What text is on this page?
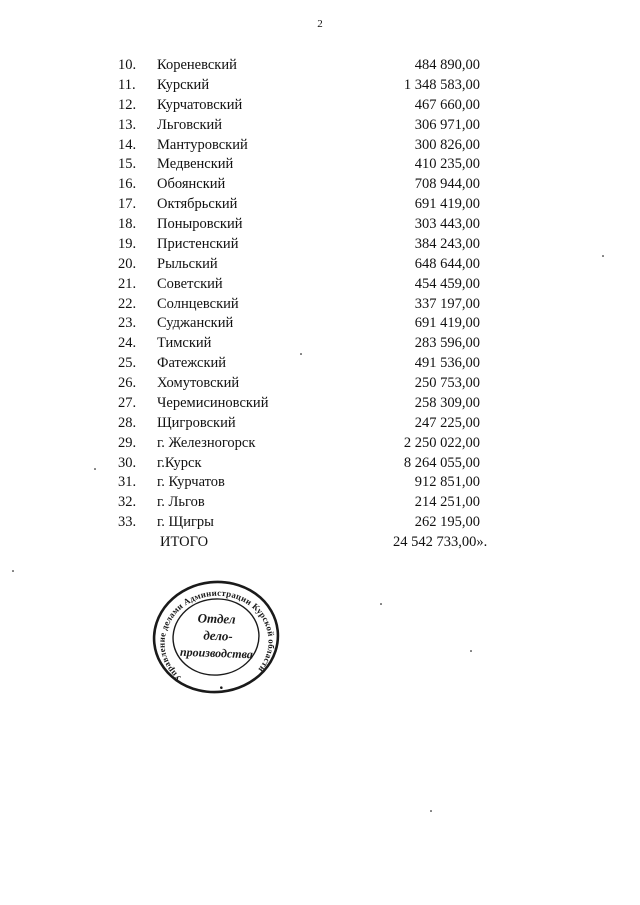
2
10. Кореневский	484 890,00
11. Курский	1 348 583,00
12. Курчатовский	467 660,00
13. Льговский	306 971,00
14. Мантуровский	300 826,00
15. Медвенский	410 235,00
16. Обоянский	708 944,00
17. Октябрьский	691 419,00
18. Поныровский	303 443,00
19. Пристенский	384 243,00
20. Рыльский	648 644,00
21. Советский	454 459,00
22. Солнцевский	337 197,00
23. Суджанский	691 419,00
24. Тимский	283 596,00
25. Фатежский	491 536,00
26. Хомутовский	250 753,00
27. Черемисиновский	258 309,00
28. Щигровский	247 225,00
29. г. Железногорск	2 250 022,00
30. г.Курск	8 264 055,00
31. г. Курчатов	912 851,00
32. г. Льгов	214 251,00
33. г. Щигры	262 195,00
ИТОГО	24 542 733,00».
Управление делами Администрации Курской области
Отдел
дело-
производства
